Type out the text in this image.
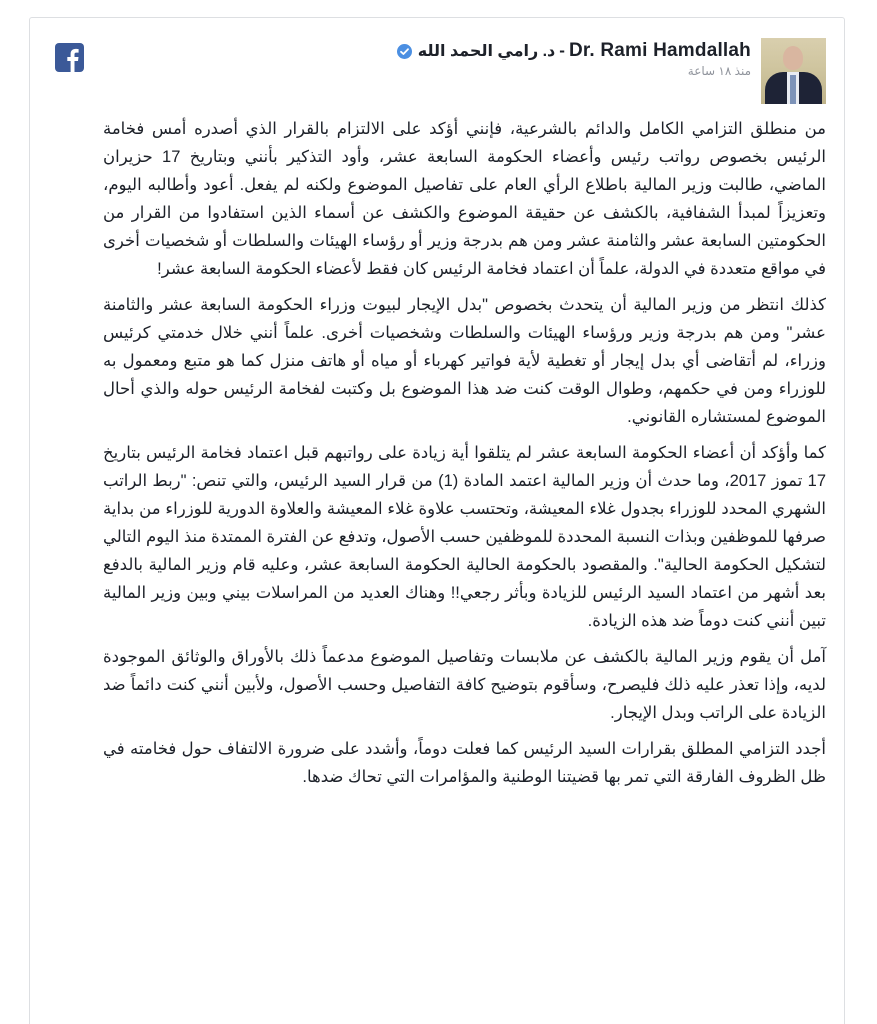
د. رامي الحمد الله - Dr. Rami Hamdallah
منذ ١٨ ساعة

من منطلق التزامي الكامل والدائم بالشرعية، فإنني أؤكد على الالتزام بالقرار الذي أصدره أمس فخامة الرئيس بخصوص رواتب رئيس وأعضاء الحكومة السابعة عشر، وأود التذكير بأنني وبتاريخ 17 حزيران الماضي، طالبت وزير المالية باطلاع الرأي العام على تفاصيل الموضوع ولكنه لم يفعل. أعود وأطالبه اليوم، وتعزيزاً لمبدأ الشفافية، بالكشف عن حقيقة الموضوع والكشف عن أسماء الذين استفادوا من القرار من الحكومتين السابعة عشر والثامنة عشر ومن هم بدرجة وزير أو رؤساء الهيئات والسلطات أو شخصيات أخرى في مواقع متعددة في الدولة، علماً أن اعتماد فخامة الرئيس كان فقط لأعضاء الحكومة السابعة عشر!

كذلك انتظر من وزير المالية أن يتحدث بخصوص "بدل الإيجار لبيوت وزراء الحكومة السابعة عشر والثامنة عشر" ومن هم بدرجة وزير ورؤساء الهيئات والسلطات وشخصيات أخرى. علماً أنني خلال خدمتي كرئيس وزراء، لم أتقاضى أي بدل إيجار أو تغطية لأية فواتير كهرباء أو مياه أو هاتف منزل كما هو متبع ومعمول به للوزراء ومن في حكمهم، وطوال الوقت كنت ضد هذا الموضوع بل وكتبت لفخامة الرئيس حوله والذي أحال الموضوع لمستشاره القانوني.

كما وأؤكد أن أعضاء الحكومة السابعة عشر لم يتلقوا أية زيادة على رواتبهم قبل اعتماد فخامة الرئيس بتاريخ 17 تموز 2017، وما حدث أن وزير المالية اعتمد المادة (1) من قرار السيد الرئيس، والتي تنص: "ربط الراتب الشهري المحدد للوزراء بجدول غلاء المعيشة، وتحتسب علاوة غلاء المعيشة والعلاوة الدورية للوزراء من بداية صرفها للموظفين وبذات النسبة المحددة للموظفين حسب الأصول، وتدفع عن الفترة الممتدة منذ اليوم التالي لتشكيل الحكومة الحالية". والمقصود بالحكومة الحالية الحكومة السابعة عشر، وعليه قام وزير المالية بالدفع بعد أشهر من اعتماد السيد الرئيس للزيادة وبأثر رجعي!! وهناك العديد من المراسلات بيني وبين وزير المالية تبين أنني كنت دوماً ضد هذه الزيادة.

آمل أن يقوم وزير المالية بالكشف عن ملابسات وتفاصيل الموضوع مدعماً ذلك بالأوراق والوثائق الموجودة لديه، وإذا تعذر عليه ذلك فليصرح، وسأقوم بتوضيح كافة التفاصيل وحسب الأصول، ولأبين أنني كنت دائماً ضد الزيادة على الراتب وبدل الإيجار.

أجدد التزامي المطلق بقرارات السيد الرئيس كما فعلت دوماً، وأشدد على ضرورة الالتفاف حول فخامته في ظل الظروف الفارقة التي تمر بها قضيتنا الوطنية والمؤامرات التي تحاك ضدها.
